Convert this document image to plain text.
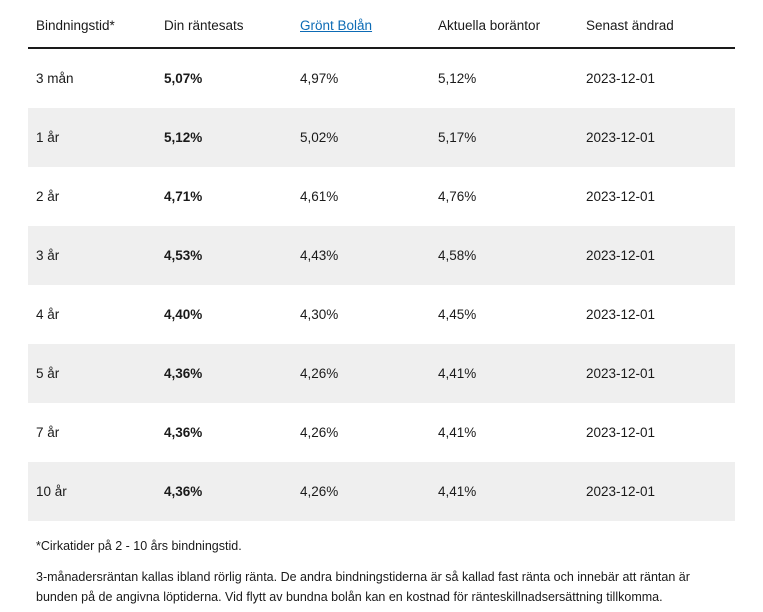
Bindningstid*	Din räntesats	Grönt Bolån	Aktuella boräntor	Senast ändrad
3 mån	5,07%	4,97%	5,12%	2023-12-01
1 år	5,12%	5,02%	5,17%	2023-12-01
2 år	4,71%	4,61%	4,76%	2023-12-01
3 år	4,53%	4,43%	4,58%	2023-12-01
4 år	4,40%	4,30%	4,45%	2023-12-01
5 år	4,36%	4,26%	4,41%	2023-12-01
7 år	4,36%	4,26%	4,41%	2023-12-01
10 år	4,36%	4,26%	4,41%	2023-12-01

*Cirkatider på 2 - 10 års bindningstid.

3-månadersräntan kallas ibland rörlig ränta. De andra bindningstiderna är så kallad fast ränta och innebär att räntan är bunden på de angivna löptiderna. Vid flytt av bundna bolån kan en kostnad för ränteskillnadsersättning tillkomma.
